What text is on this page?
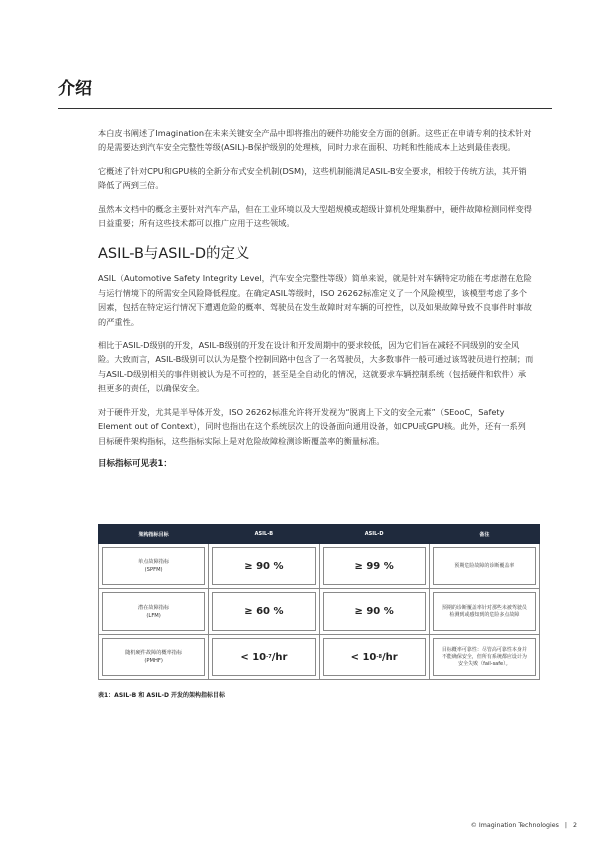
介绍

本白皮书阐述了Imagination在未来关键安全产品中即将推出的硬件功能安全方面的创新。这些正在申请专利的技术针对的是需要达到汽车安全完整性等级(ASIL)-B保护级别的处理核，同时力求在面积、功耗和性能成本上达到最佳表现。

它概述了针对CPU和GPU核的全新分布式安全机制(DSM)，这些机制能满足ASIL-B安全要求，相较于传统方法，其开销降低了两到三倍。

虽然本文档中的概念主要针对汽车产品，但在工业环境以及大型超规模或超级计算机处理集群中，硬件故障检测同样变得日益重要；所有这些技术都可以推广应用于这些领域。

ASIL-B与ASIL-D的定义

ASIL（Automotive Safety Integrity Level，汽车安全完整性等级）简单来说，就是针对车辆特定功能在考虑潜在危险与运行情境下的所需安全风险降低程度。在确定ASIL等级时，ISO 26262标准定义了一个风险模型，该模型考虑了多个因素，包括在特定运行情况下遭遇危险的概率、驾驶员在发生故障时对车辆的可控性，以及如果故障导致不良事件时事故的严重性。

相比于ASIL-D级别的开发，ASIL-B级别的开发在设计和开发周期中的要求较低，因为它们旨在减轻不同级别的安全风险。大致而言，ASIL-B级别可以认为是整个控制回路中包含了一名驾驶员，大多数事件一般可通过该驾驶员进行控制；而与ASIL-D级别相关的事件则被认为是不可控的，甚至是全自动化的情况，这就要求车辆控制系统（包括硬件和软件）承担更多的责任，以确保安全。

对于硬件开发，尤其是半导体开发，ISO 26262标准允许将开发视为“脱离上下文的安全元素”（SEooC，Safety Element out of Context），同时也指出在这个系统层次上的设备面向通用设备，如CPU或GPU核。此外，还有一系列目标硬件架构指标，这些指标实际上是对危险故障检测诊断覆盖率的衡量标准。

目标指标可见表1：
架构指标目标	ASIL-B	ASIL-D	备注

单点故障指标
(SPFM)	≥ 90 %	≥ 99 %	预期危险故障的诊断覆盖率

潜在故障指标
(LFM)	≥ 60 %	≥ 90 %	预期的诊断覆盖率针对那些未被驾驶员检测到或感知到的危险多点故障

随机硬件故障的概率指标
(PMHF)	< 10 -7 /hr	< 10 -8 /hr	目标概率可靠性：尽管高可靠性本身并不能确保安全，但所有系统都应设计为安全失败（fail-safe）。
表1：ASIL-B 和 ASIL-D 开发的架构指标目标
© Imagination Technologies | 2
